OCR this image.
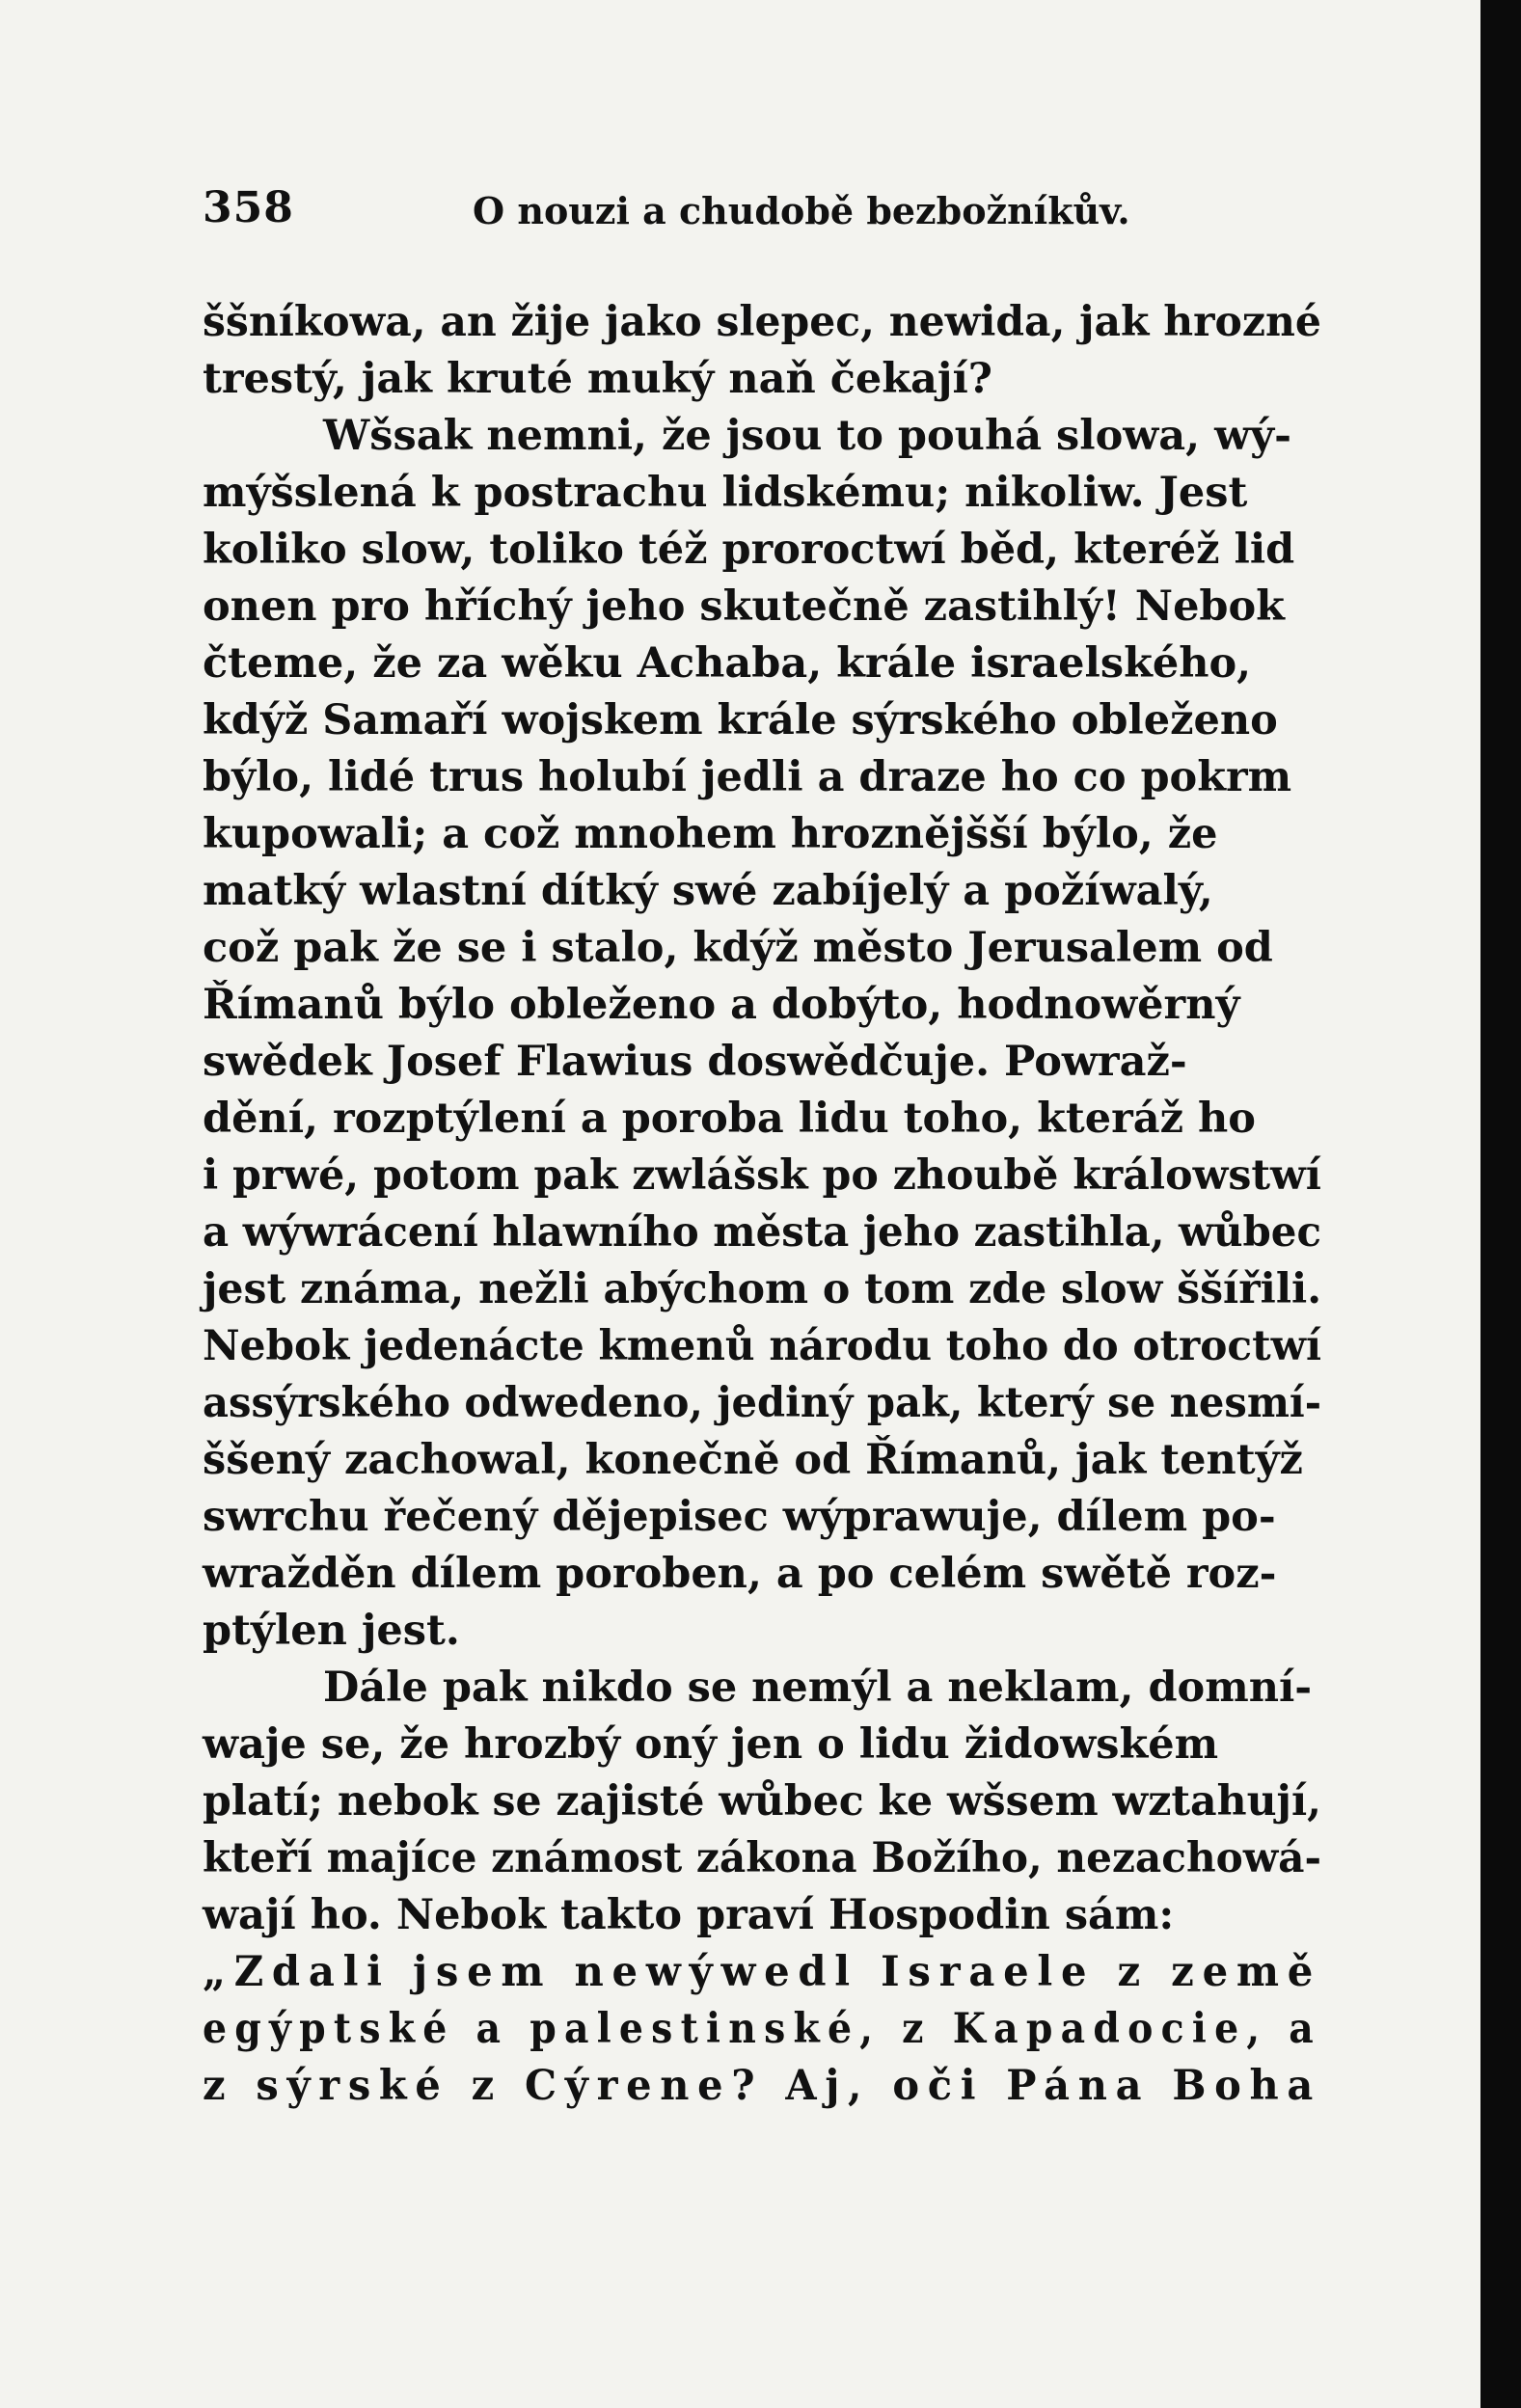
358	O nouzi a chudobě bezbožníkův.
ššníkowa, an žije jako slepec, newida, jak hrozné
trestý, jak kruté muký naň čekají?
Wšsak nemni, že jsou to pouhá slowa, wý-
mýšslená k postrachu lidskému; nikoliw. Jest
koliko slow, toliko též proroctwí běd, kteréž lid
onen pro hříchý jeho skutečně zastihlý! Nebok
čteme, že za wěku Achaba, krále israelského,
kdýž Samaří wojskem krále sýrského obleženo
býlo, lidé trus holubí jedli a draze ho co pokrm
kupowali; a což mnohem hroznějšší býlo, že
matký wlastní dítký swé zabíjelý a požíwalý,
což pak že se i stalo, kdýž město Jerusalem od
Římanů býlo obleženo a dobýto, hodnowěrný
swědek Josef Flawius doswědčuje. Powraž-
dění, rozptýlení a poroba lidu toho, kteráž ho
i prwé, potom pak zwlášsk po zhoubě králowstwí
a wýwrácení hlawního města jeho zastihla, wůbec
jest známa, nežli abýchom o tom zde slow ššířili.
Nebok jedenácte kmenů národu toho do otroctwí
assýrského odwedeno, jediný pak, který se nesmí-
ššený zachowal, konečně od Římanů, jak tentýž
swrchu řečený dějepisec wýprawuje, dílem po-
wražděn dílem poroben, a po celém swětě roz-
ptýlen jest.
Dále pak nikdo se nemýl a neklam, domní-
waje se, že hrozbý oný jen o lidu židowském
platí; nebok se zajisté wůbec ke wšsem wztahují,
kteří majíce známost zákona Božího, nezachowá-
wají ho. Nebok takto praví Hospodin sám:
„Zdali jsem newýwedl Israele z země
egýptské a palestinské, z Kapadocie, a
z sýrské z Cýrene? Aj, oči Pána Boha
